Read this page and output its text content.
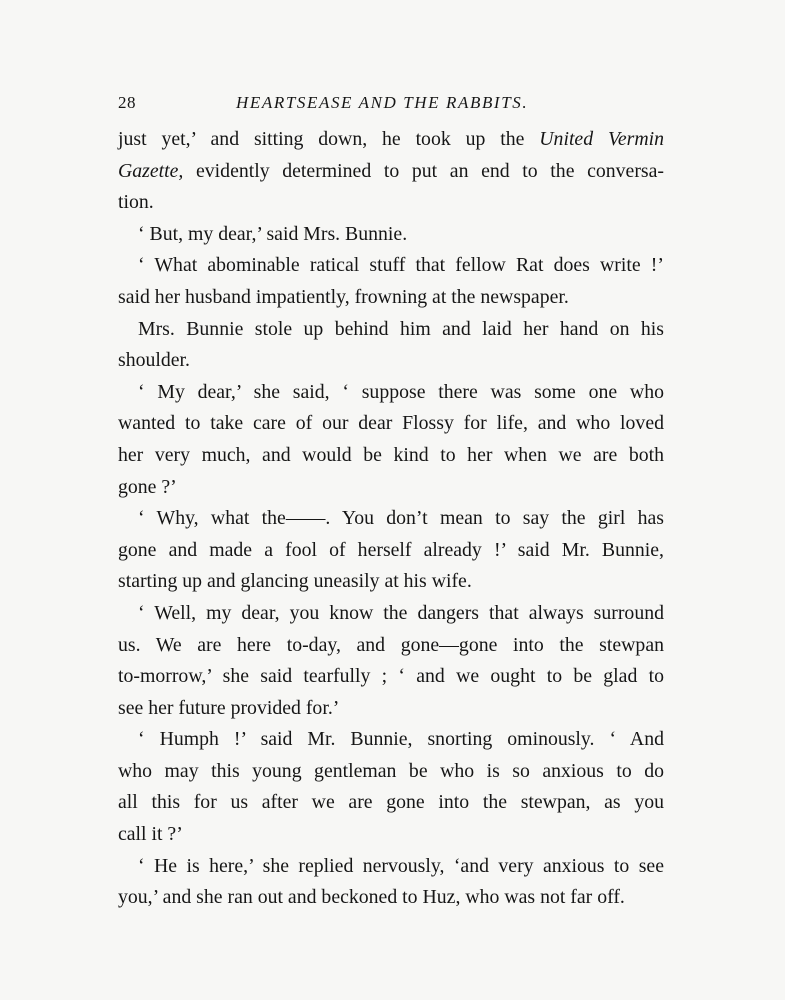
28	HEARTSEASE AND THE RABBITS.
just yet,’ and sitting down, he took up the United Vermin
Gazette, evidently determined to put an end to the conversa-
tion.
‘ But, my dear,’ said Mrs. Bunnie.
‘ What abominable ratical stuff that fellow Rat does write !’
said her husband impatiently, frowning at the newspaper.
Mrs. Bunnie stole up behind him and laid her hand on his
shoulder.
‘ My dear,’ she said, ‘ suppose there was some one who
wanted to take care of our dear Flossy for life, and who loved
her very much, and would be kind to her when we are both
gone ?’
‘ Why, what the——. You don’t mean to say the girl has
gone and made a fool of herself already !’ said Mr. Bunnie,
starting up and glancing uneasily at his wife.
‘ Well, my dear, you know the dangers that always surround
us. We are here to-day, and gone—gone into the stewpan
to-morrow,’ she said tearfully ; ‘ and we ought to be glad to
see her future provided for.’
‘ Humph !’ said Mr. Bunnie, snorting ominously. ‘ And
who may this young gentleman be who is so anxious to do
all this for us after we are gone into the stewpan, as you
call it ?’
‘ He is here,’ she replied nervously, ‘and very anxious to see
you,’ and she ran out and beckoned to Huz, who was not far off.
